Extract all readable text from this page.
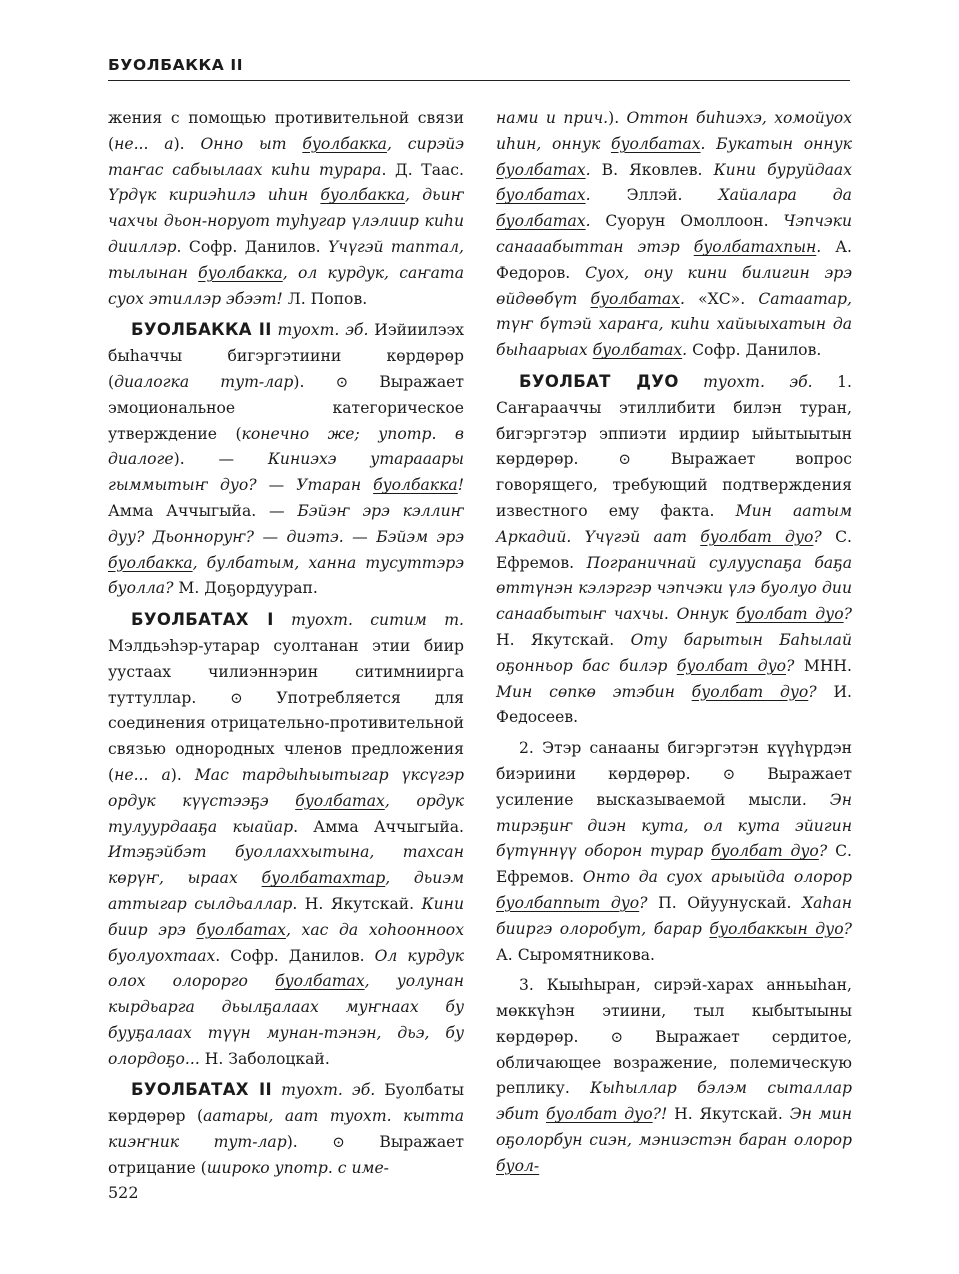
БУОЛБАККА II

жения с помощью противительной связи (не... а). Онно ыт буолбакка, сирэйэ таҥас сабыылаах киһи турара. Д. Таас. Үрдүк кириэһилэ иһин буолбакка, дьиҥ чахчы дьон-норуот туһугар үлэлиир киһи дииллэр. Софр. Данилов. Үчүгэй таптал, тылынан буолбакка, ол курдук, саҥата суох этиллэр эбээт! Л. Попов.

БУОЛБАККА II туохт. эб. Иэйиилээх быһаччы бигэргэтиини көрдөрөр (диалогка тут-лар). ⊙ Выражает эмоциональное категорическое утверждение (конечно же; употр. в диалоге). — Киниэхэ утарааары гыммытыҥ дуо? — Утаран буолбакка! Амма Аччыгыйа. — Бэйэҥ эрэ кэллиҥ дуу? Дьонноруҥ? — диэтэ. — Бэйэм эрэ буолбакка, булбатым, ханна тусуттэрэ буолла? М. Доҕордуурап.

БУОЛБАТАХ I туохт. ситим т. Мэлдьэһэр-утарар суолтанан этии биир уустаах чилиэннэрин ситимниирга туттуллар. ⊙ Употребляется для соединения отрицательно-противительной связью однородных членов предложения (не... а). Мас тардыһыытыгар үксүгэр ордук күүстээҕэ буолбатах, ордук тулуурдааҕа кыайар. Амма Аччыгыйа. Итэҕэйбэт буоллаххытына, тахсан көрүҥ, ыраах буолбатахтар, дьиэм аттыгар сылдьаллар. Н. Якутскай. Кини биир эрэ буолбатах, хас да хоһоонноох буолуохтаах. Софр. Данилов. Ол курдук олох олорорго буолбатах, уолунан кырдьарга дьылҕалаах муҥнаах бу бууҕалаах түүн мунан-тэнэн, дьэ, бу олордоҕо... Н. Заболоцкай.

БУОЛБАТАХ II туохт. эб. Буолбаты көрдөрөр (аатары, аат туохт. кытта киэҥник тут-лар). ⊙ Выражает отрицание (широко употр. с име-

нами и прич.). Оттон биһиэхэ, хомойуох иһин, оннук буолбатах. Букатын оннук буолбатах. В. Яковлев. Кини буруйдаах буолбатах. Эллэй. Хайалара да буолбатах. Суорун Омоллоон. Чэпчэки санааабыттан этэр буолбатахпын. А. Федоров. Суох, ону кини билигин эрэ өйдөөбүт буолбатах. «ХС». Сатаатар, түҥ бүтэй хараҥа, киһи хайыыхатын да быһаарыах буолбатах. Софр. Данилов.

БУОЛБАТ ДУО туохт. эб. 1. Саҥарааччы этиллибити билэн туран, бигэргэтэр эппиэти ирдиир ыйытыытын көрдөрөр. ⊙ Выражает вопрос говорящего, требующий подтверждения известного ему факта. Мин аатым Аркадий. Үчүгэй аат буолбат дуо? С. Ефремов. Пограничнай сулууспаҕа баҕа өттүнэн кэлэргэр чэпчэки үлэ буолуо дии санаабытыҥ чахчы. Оннук буолбат дуо? Н. Якутскай. Оту барытын Баһылай оҕонньор бас билэр буолбат дуо? МНН. Мин сөпкө этэбин буолбат дуо? И. Федосеев.

2. Этэр санааны бигэргэтэн күүһүрдэн биэриини көрдөрөр. ⊙ Выражает усиление высказываемой мысли. Эн тирэҕиҥ диэн кута, ол кута эйигин бүтүннүү оборон турар буолбат дуо? С. Ефремов. Онто да суох арыыйда олорор буолбаппыт дуо? П. Ойуунускай. Хаһан бииргэ олоробут, барар буолбаккын дуо? А. Сыромятникова.

3. Кыыһыран, сирэй-харах анньыһан, мөккүһэн этиини, тыл кыбытыыны көрдөрөр. ⊙ Выражает сердитое, обличающее возражение, полемическую реплику. Кыһыллар бэлэм сыталлар эбит буолбат дуо?! Н. Якутскай. Эн мин оҕолорбун сиэн, мэниэстэн баран олорор буол-

522
